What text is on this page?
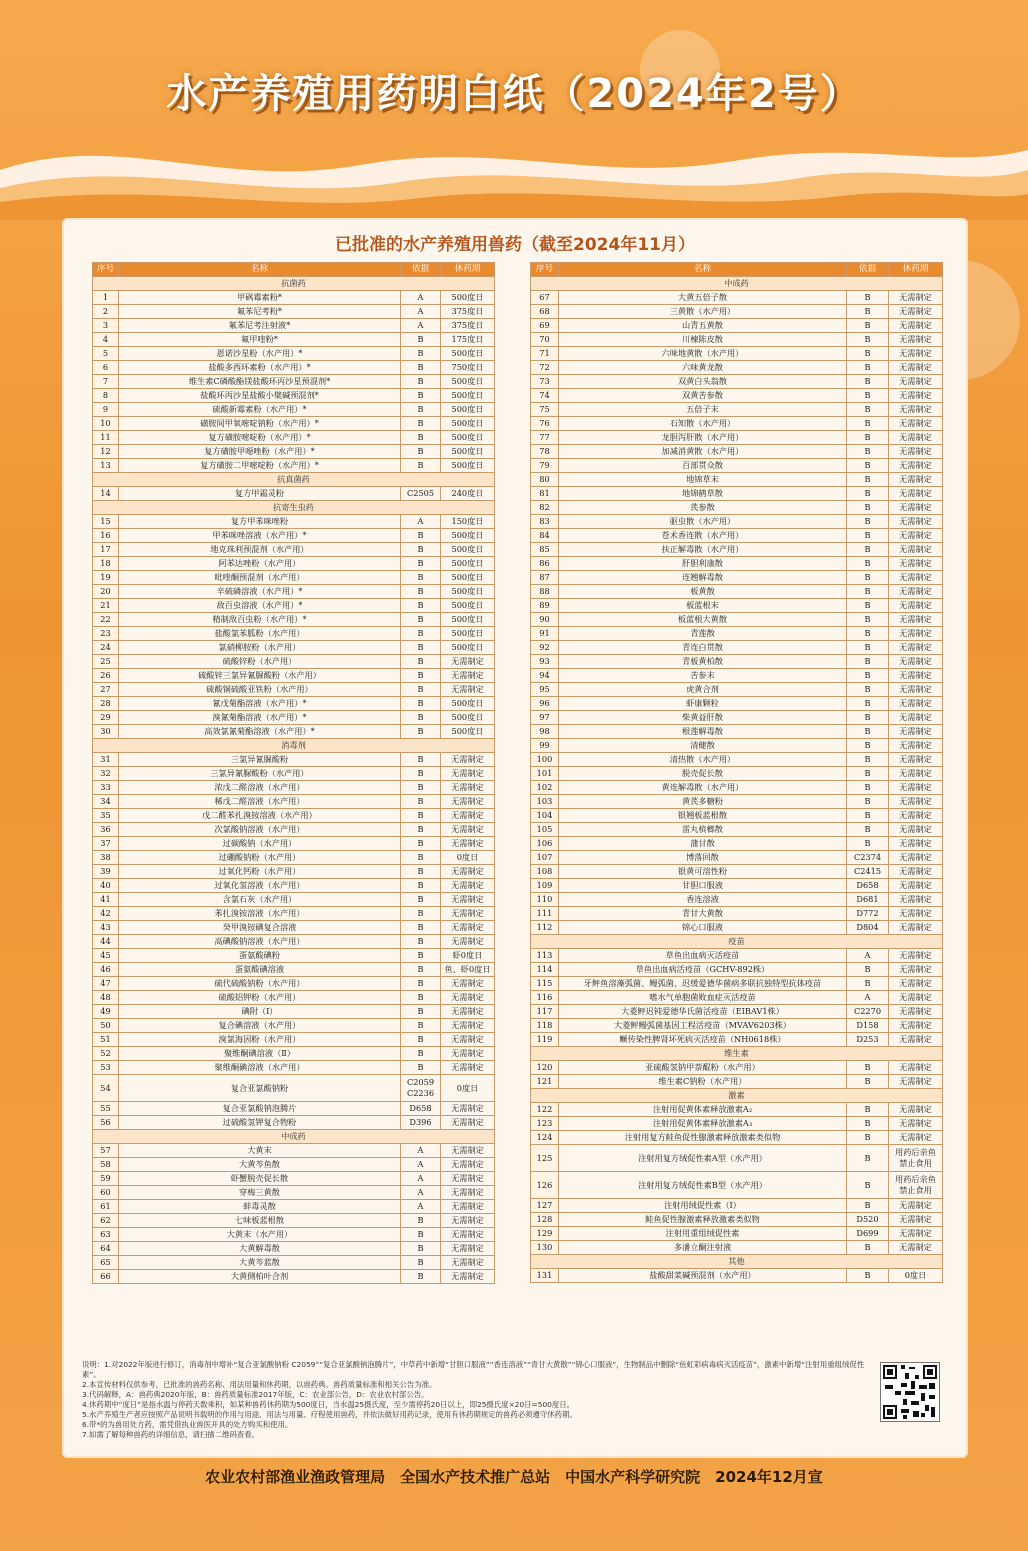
水产养殖用药明白纸（2024年2号）
已批准的水产养殖用兽药（截至2024年11月）
序号	名称	依据	休药期
抗菌药			
1	甲砜霉素粉*	A	500度日
2	氟苯尼考粉*	A	375度日
3	氟苯尼考注射液*	A	375度日
4	氟甲喹粉*	B	175度日
5	恩诺沙星粉（水产用）*	B	500度日
6	盐酸多西环素粉（水产用）*	B	750度日
7	维生素C磷酸酯镁盐酸环丙沙星预混剂*	B	500度日
8	盐酸环丙沙星盐酸小檗碱预混剂*	B	500度日
9	硫酸新霉素粉（水产用）*	B	500度日
10	磺胺间甲氧嘧啶钠粉（水产用）*	B	500度日
11	复方磺胺嘧啶粉（水产用）*	B	500度日
12	复方磺胺甲噁唑粉（水产用）*	B	500度日
13	复方磺胺二甲嘧啶粉（水产用）*	B	500度日
抗真菌药			
14	复方甲霜灵粉	C2505	240度日
抗寄生虫药			
15	复方甲苯咪唑粉	A	150度日
16	甲苯咪唑溶液（水产用）*	B	500度日
17	地克珠利预混剂（水产用）	B	500度日
18	阿苯达唑粉（水产用）	B	500度日
19	吡喹酮预混剂（水产用）	B	500度日
20	辛硫磷溶液（水产用）*	B	500度日
21	敌百虫溶液（水产用）*	B	500度日
22	精制敌百虫粉（水产用）*	B	500度日
23	盐酸氯苯胍粉（水产用）	B	500度日
24	氯硝柳胺粉（水产用）	B	500度日
25	硫酸锌粉（水产用）	B	无需制定
26	硫酸锌三氯异氰脲酸粉（水产用）	B	无需制定
27	硫酸铜硫酸亚铁粉（水产用）	B	无需制定
28	氰戊菊酯溶液（水产用）*	B	500度日
29	溴氰菊酯溶液（水产用）*	B	500度日
30	高效氯氰菊酯溶液（水产用）*	B	500度日
消毒剂			
31	三氯异氰脲酸粉	B	无需制定
32	三氯异氰脲酸粉（水产用）	B	无需制定
33	浓戊二醛溶液（水产用）	B	无需制定
34	稀戊二醛溶液（水产用）	B	无需制定
35	戊二醛苯扎溴铵溶液（水产用）	B	无需制定
36	次氯酸钠溶液（水产用）	B	无需制定
37	过碳酸钠（水产用）	B	无需制定
38	过硼酸钠粉（水产用）	B	0度日
39	过氧化钙粉（水产用）	B	无需制定
40	过氧化氢溶液（水产用）	B	无需制定
41	含氯石灰（水产用）	B	无需制定
42	苯扎溴铵溶液（水产用）	B	无需制定
43	癸甲溴铵碘复合溶液	B	无需制定
44	高碘酸钠溶液（水产用）	B	无需制定
45	蛋氨酸碘粉	B	虾0度日
46	蛋氨酸碘溶液	B	鱼、虾0度日
47	硫代硫酸钠粉（水产用）	B	无需制定
48	硫酸铝钾粉（水产用）	B	无需制定
49	碘附（Ⅰ）	B	无需制定
50	复合碘溶液（水产用）	B	无需制定
51	溴氯海因粉（水产用）	B	无需制定
52	聚维酮碘溶液（Ⅱ）	B	无需制定
53	聚维酮碘溶液（水产用）	B	无需制定
54	复合亚氯酸钠粉	C2059 C2236	0度日
55	复合亚氯酸钠泡腾片	D658	无需制定
56	过硫酸氢钾复合物粉	D396	无需制定
中成药			
57	大黄末	A	无需制定
58	大黄芩鱼散	A	无需制定
59	虾蟹脱壳促长散	A	无需制定
60	穿梅三黄散	A	无需制定
61	蚌毒灵散	A	无需制定
62	七味板蓝根散	B	无需制定
63	大黄末（水产用）	B	无需制定
64	大黄解毒散	B	无需制定
65	大黄芩蓝散	B	无需制定
66	大黄侧柏叶合剂	B	无需制定
序号	名称	依据	休药期
中成药			
67	大黄五倍子散	B	无需制定
68	三黄散（水产用）	B	无需制定
69	山青五黄散	B	无需制定
70	川楝陈皮散	B	无需制定
71	六味地黄散（水产用）	B	无需制定
72	六味黄龙散	B	无需制定
73	双黄白头翁散	B	无需制定
74	双黄苦参散	B	无需制定
75	五倍子末	B	无需制定
76	石知散（水产用）	B	无需制定
77	龙胆泻肝散（水产用）	B	无需制定
78	加减消黄散（水产用）	B	无需制定
79	百部贯众散	B	无需制定
80	地锦草末	B	无需制定
81	地锦鹤草散	B	无需制定
82	芪参散	B	无需制定
83	驱虫散（水产用）	B	无需制定
84	苍术香连散（水产用）	B	无需制定
85	扶正解毒散（水产用）	B	无需制定
86	肝胆利康散	B	无需制定
87	连翘解毒散	B	无需制定
88	板黄散	B	无需制定
89	板蓝根末	B	无需制定
90	板蓝根大黄散	B	无需制定
91	青莲散	B	无需制定
92	青连白贯散	B	无需制定
93	青板黄柏散	B	无需制定
94	苦参末	B	无需制定
95	虎黄合剂	B	无需制定
96	虾康颗粒	B	无需制定
97	柴黄益肝散	B	无需制定
98	根莲解毒散	B	无需制定
99	清健散	B	无需制定
100	清热散（水产用）	B	无需制定
101	脱壳促长散	B	无需制定
102	黄连解毒散（水产用）	B	无需制定
103	黄芪多糖粉	B	无需制定
104	银翘板蓝根散	B	无需制定
105	雷丸槟榔散	B	无需制定
106	蒲甘散	B	无需制定
107	博落回散	C2374	无需制定
108	银黄可溶性粉	C2415	无需制定
109	甘胆口服液	D658	无需制定
110	香连溶液	D681	无需制定
111	青甘大黄散	D772	无需制定
112	锦心口服液	D804	无需制定
疫苗			
113	草鱼出血病灭活疫苗	A	无需制定
114	草鱼出血病活疫苗（GCHV-892株）	B	无需制定
115	牙鲆鱼溶藻弧菌、鳗弧菌、迟缓爱德华菌病多联抗独特型抗体疫苗	B	无需制定
116	嗜水气单胞菌败血症灭活疫苗	A	无需制定
117	大菱鲆迟钝爱德华氏菌活疫苗（EIBAV1株）	C2270	无需制定
118	大菱鲆鳗弧菌基因工程活疫苗（MVAV6203株）	D158	无需制定
119	鳜传染性脾肾坏死病灭活疫苗（NH0618株）	D253	无需制定
维生素			
120	亚硫酸氢钠甲萘醌粉（水产用）	B	无需制定
121	维生素C钠粉（水产用）	B	无需制定
激素			
122	注射用促黄体素释放激素A₂	B	无需制定
123	注射用促黄体素释放激素A₃	B	无需制定
124	注射用复方鲑鱼促性腺激素释放激素类似物	B	无需制定
125	注射用复方绒促性素A型（水产用）	B	用药后亲鱼禁止食用
126	注射用复方绒促性素B型（水产用）	B	用药后亲鱼禁止食用
127	注射用绒促性素（Ⅰ）	B	无需制定
128	鲑鱼促性腺激素释放激素类似物	D520	无需制定
129	注射用重组绒促性素	D699	无需制定
130	多潘立酮注射液	B	无需制定
其他			
131	盐酸甜菜碱预混剂（水产用）	B	0度日
说明：1.对2022年版进行修订，消毒剂中增补“复合亚氯酸钠粉 C2059”“复合亚氯酸钠泡腾片”，中草药中新增“甘胆口服液”“香连溶液”“青甘大黄散”“锦心口服液”，生物制品中删除“鱼虹彩病毒病灭活疫苗”，激素中新增“注射用重组绒促性素”。
2.本宣传材料仅供参考，已批准的兽药名称、用法用量和休药期，以兽药典、兽药质量标准和相关公告为准。
3.代码解释，A：兽药典2020年版，B：兽药质量标准2017年版，C：农业部公告，D：农业农村部公告。
4.休药期中“度日”是指水温与停药天数乘积，如某种兽药休药期为500度日，当水温25摄氏度，至少需停药20日以上，即25摄氏度×20日=500度日。
5.水产养殖生产者应按照产品说明书载明的作用与用途、用法与用量、疗程使用兽药，并依法做好用药记录，使用有休药期规定的兽药必须遵守休药期。
6.带*的为兽用处方药，需凭借执业兽医开具的处方购买和使用。
7.如需了解每种兽药的详细信息，请扫描二维码查看。
农业农村部渔业渔政管理局　全国水产技术推广总站　中国水产科学研究院　2024年12月宣
